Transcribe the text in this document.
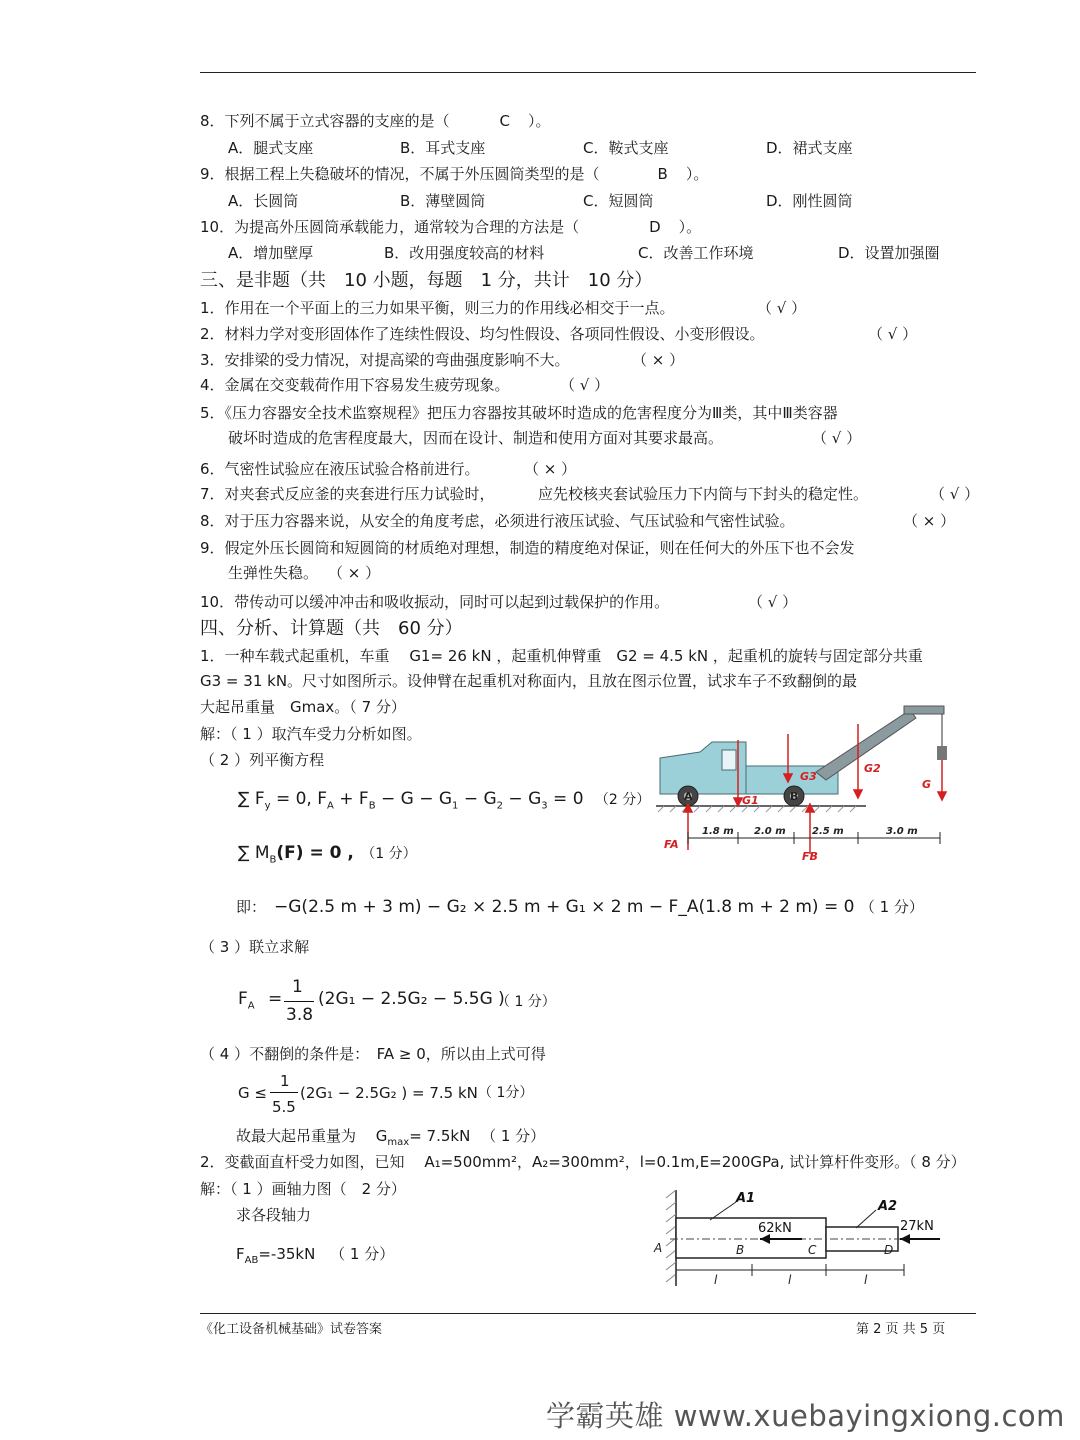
8．下列不属于立式容器的支座的是（	C ）。
A．腿式支座	B．耳式支座	C．鞍式支座	D．裙式支座
9．根据工程上失稳破坏的情况，不属于外压圆筒类型的是（	B ）。
A．长圆筒	B．薄壁圆筒	C．短圆筒	D．刚性圆筒
10．为提高外压圆筒承载能力，通常较为合理的方法是（	D ）。
A．增加壁厚	B．改用强度较高的材料	C．改善工作环境	D．设置加强圈
三、是非题（共　10 小题，每题　1 分，共计　10 分）
1．作用在一个平面上的三力如果平衡，则三力的作用线必相交于一点。	（ √ ）
2．材料力学对变形固体作了连续性假设、均匀性假设、各项同性假设、小变形假设。	（ √ ）
3．安排梁的受力情况，对提高梁的弯曲强度影响不大。	（ × ）
4．金属在交变载荷作用下容易发生疲劳现象。	（ √ ）
5．《压力容器安全技术监察规程》把压力容器按其破坏时造成的危害程度分为Ⅲ类，其中Ⅲ类容器
破坏时造成的危害程度最大，因而在设计、制造和使用方面对其要求最高。	（ √ ）
6．气密性试验应在液压试验合格前进行。	（ × ）
7．对夹套式反应釜的夹套进行压力试验时，	应先校核夹套试验压力下内筒与下封头的稳定性。	（ √ ）
8．对于压力容器来说，从安全的角度考虑，必须进行液压试验、气压试验和气密性试验。	（ × ）
9．假定外压长圆筒和短圆筒的材质绝对理想，制造的精度绝对保证，则在任何大的外压下也不会发
生弹性失稳。 （ × ）
10．带传动可以缓冲冲击和吸收振动，同时可以起到过载保护的作用。	（ √ ）
四、分析、计算题（共　60 分）
1．一种车载式起重机，车重　 G1= 26 kN ，起重机伸臂重　G2 = 4.5 kN ，起重机的旋转与固定部分共重
G3 = 31 kN。尺寸如图所示。设伸臂在起重机对称面内，且放在图示位置，试求车子不致翻倒的最
大起吊重量　Gmax。（ 7 分）
解：（ 1 ）取汽车受力分析如图。
（ 2 ）列平衡方程
∑ $F_y = 0$, $F_A + F_B - G - G_1 - G_2 - G_3 = 0$ （2 分）
∑ $M_B(F) = 0$ , （1 分）
即： −G(2.5 m + 3 m) − G₂ × 2.5 m + G₁ × 2 m − F_A(1.8 m + 2 m) = 0 （ 1 分）
（ 3 ）联立求解
$F_A$ =
1
3.8
(2G₁ − 2.5G₂ − 5.5G )
（ 1 分）
（ 4 ）不翻倒的条件是：　FA ≥ 0，所以由上式可得
G ≤
1
5.5
(2G₁ − 2.5G₂ ) = 7.5 kN （ 1分）
故最大起吊重量为　 $G_{max}= 7.5kN$ （ 1 分）
2．变截面直杆受力如图，已知　 A₁=500mm²，A₂=300mm²，l=0.1m,E=200GPa, 试计算杆件变形。（ 8 分）
解：（ 1 ）画轴力图（　2 分）
求各段轴力
$F_{AB}=-35kN$ （ 1 分）
G1
G3
G2
G
FA
FB
A	B
1.8 m 2.0 m	2.5 m	3.0 m
A1
A2
62kN	27kN
A	B	C	D
l	l	l
《化工设备机械基础》试卷答案	第 2 页 共 5 页
学霸英雄 www.xuebayingxiong.com
